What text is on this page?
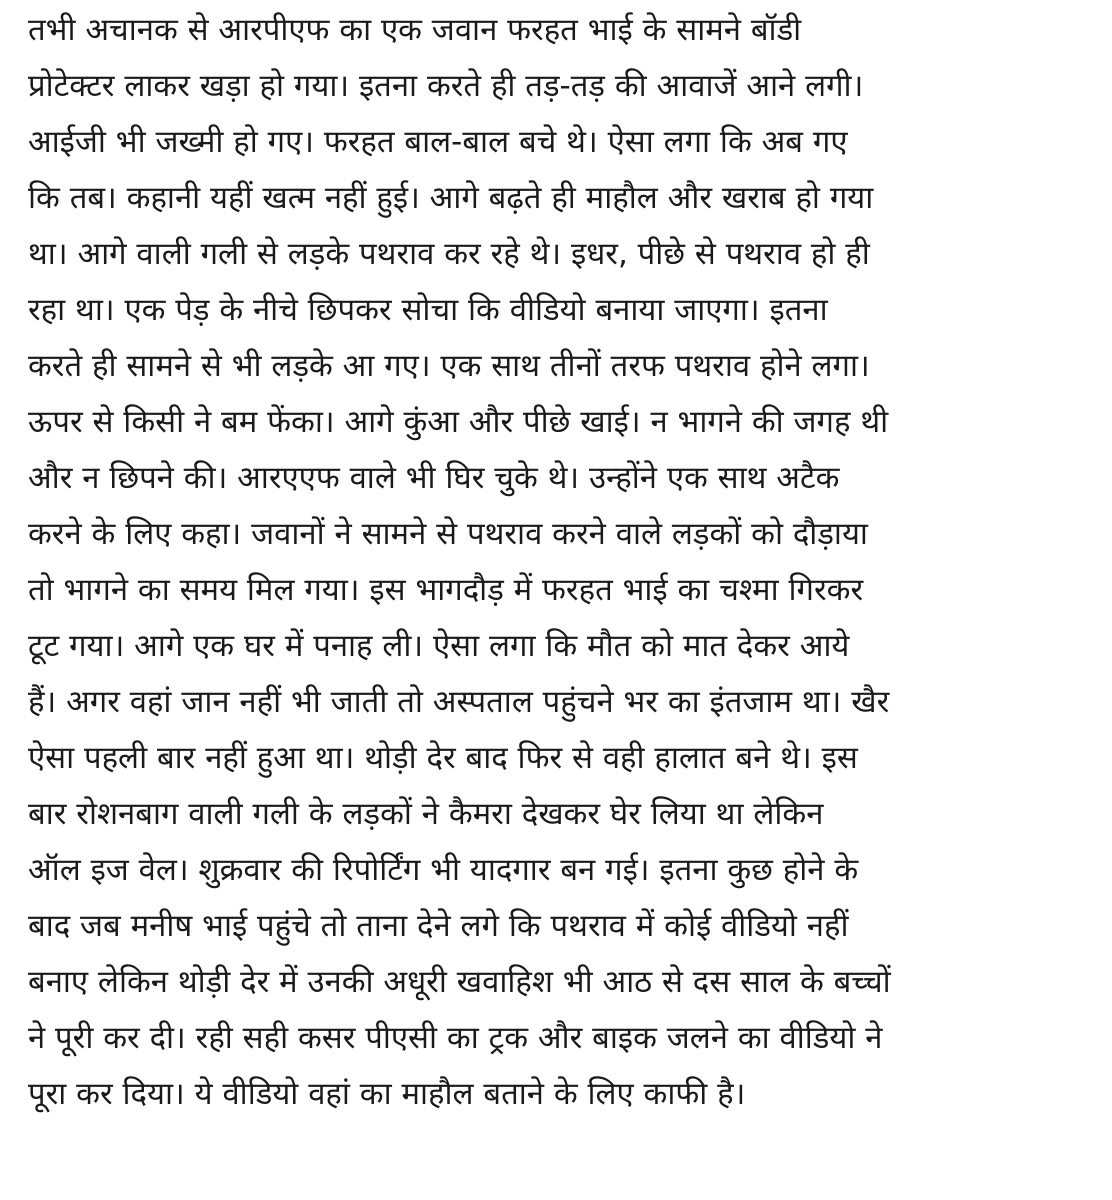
तभी अचानक से आरपीएफ का एक जवान फरहत भाई के सामने बॉडी
प्रोटेक्टर लाकर खड़ा हो गया। इतना करते ही तड़-तड़ की आवाजें आने लगी।
आईजी भी जख्मी हो गए। फरहत बाल-बाल बचे थे। ऐसा लगा कि अब गए
कि तब। कहानी यहीं खत्म नहीं हुई। आगे बढ़ते ही माहौल और खराब हो गया
था। आगे वाली गली से लड़के पथराव कर रहे थे। इधर, पीछे से पथराव हो ही
रहा था। एक पेड़ के नीचे छिपकर सोचा कि वीडियो बनाया जाएगा। इतना
करते ही सामने से भी लड़के आ गए। एक साथ तीनों तरफ पथराव होने लगा।
ऊपर से किसी ने बम फेंका। आगे कुंआ और पीछे खाई। न भागने की जगह थी
और न छिपने की। आरएएफ वाले भी घिर चुके थे। उन्होंने एक साथ अटैक
करने के लिए कहा। जवानों ने सामने से पथराव करने वाले लड़कों को दौड़ाया
तो भागने का समय मिल गया। इस भागदौड़ में फरहत भाई का चश्मा गिरकर
टूट गया। आगे एक घर में पनाह ली। ऐसा लगा कि मौत को मात देकर आये
हैं। अगर वहां जान नहीं भी जाती तो अस्पताल पहुंचने भर का इंतजाम था। खैर
ऐसा पहली बार नहीं हुआ था। थोड़ी देर बाद फिर से वही हालात बने थे। इस
बार रोशनबाग वाली गली के लड़कों ने कैमरा देखकर घेर लिया था लेकिन
ऑल इज वेल। शुक्रवार की रिपोर्टिंग भी यादगार बन गई। इतना कुछ होने के
बाद जब मनीष भाई पहुंचे तो ताना देने लगे कि पथराव में कोई वीडियो नहीं
बनाए लेकिन थोड़ी देर में उनकी अधूरी खवाहिश भी आठ से दस साल के बच्चों
ने पूरी कर दी। रही सही कसर पीएसी का ट्रक और बाइक जलने का वीडियो ने
पूरा कर दिया। ये वीडियो वहां का माहौल बताने के लिए काफी है।
